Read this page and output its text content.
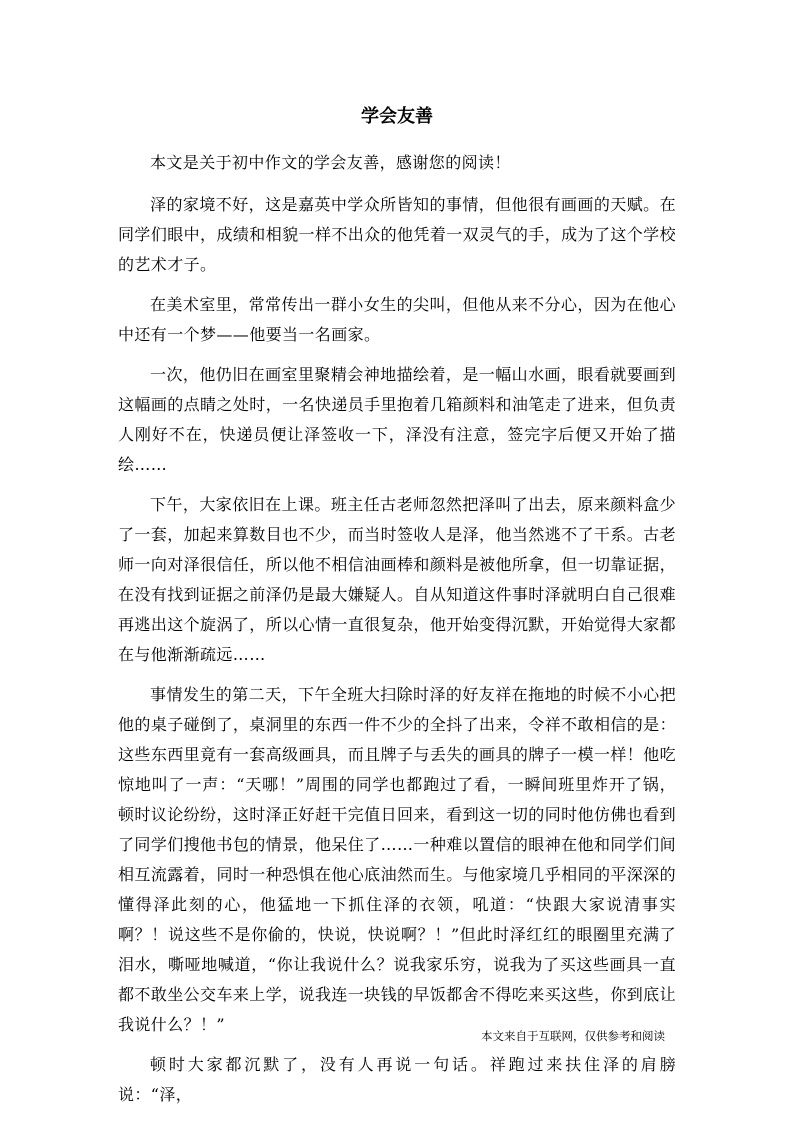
学会友善

本文是关于初中作文的学会友善，感谢您的阅读！

泽的家境不好，这是嘉英中学众所皆知的事情，但他很有画画的天赋。在同学们眼中，成绩和相貌一样不出众的他凭着一双灵气的手，成为了这个学校的艺术才子。

在美术室里，常常传出一群小女生的尖叫，但他从来不分心，因为在他心中还有一个梦——他要当一名画家。

一次，他仍旧在画室里聚精会神地描绘着，是一幅山水画，眼看就要画到这幅画的点睛之处时，一名快递员手里抱着几箱颜料和油笔走了进来，但负责人刚好不在，快递员便让泽签收一下，泽没有注意，签完字后便又开始了描绘……

下午，大家依旧在上课。班主任古老师忽然把泽叫了出去，原来颜料盒少了一套，加起来算数目也不少，而当时签收人是泽，他当然逃不了干系。古老师一向对泽很信任，所以他不相信油画棒和颜料是被他所拿，但一切靠证据，在没有找到证据之前泽仍是最大嫌疑人。自从知道这件事时泽就明白自己很难再逃出这个旋涡了，所以心情一直很复杂，他开始变得沉默，开始觉得大家都在与他渐渐疏远……

事情发生的第二天，下午全班大扫除时泽的好友祥在拖地的时候不小心把他的桌子碰倒了，桌洞里的东西一件不少的全抖了出来，令祥不敢相信的是：这些东西里竟有一套高级画具，而且牌子与丢失的画具的牌子一模一样！他吃惊地叫了一声：“天哪！”周围的同学也都跑过了看，一瞬间班里炸开了锅，顿时议论纷纷，这时泽正好赶干完值日回来，看到这一切的同时他仿佛也看到了同学们搜他书包的情景，他呆住了……一种难以置信的眼神在他和同学们间相互流露着，同时一种恐惧在他心底油然而生。与他家境几乎相同的平深深的懂得泽此刻的心，他猛地一下抓住泽的衣领，吼道：“快跟大家说清事实啊？！说这些不是你偷的，快说，快说啊？！”但此时泽红红的眼圈里充满了泪水，嘶哑地喊道，“你让我说什么？说我家乐穷，说我为了买这些画具一直都不敢坐公交车来上学，说我连一块钱的早饭都舍不得吃来买这些，你到底让我说什么？！”

顿时大家都沉默了，没有人再说一句话。祥跑过来扶住泽的肩膀说：“泽，

本文来自于互联网，仅供参考和阅读
